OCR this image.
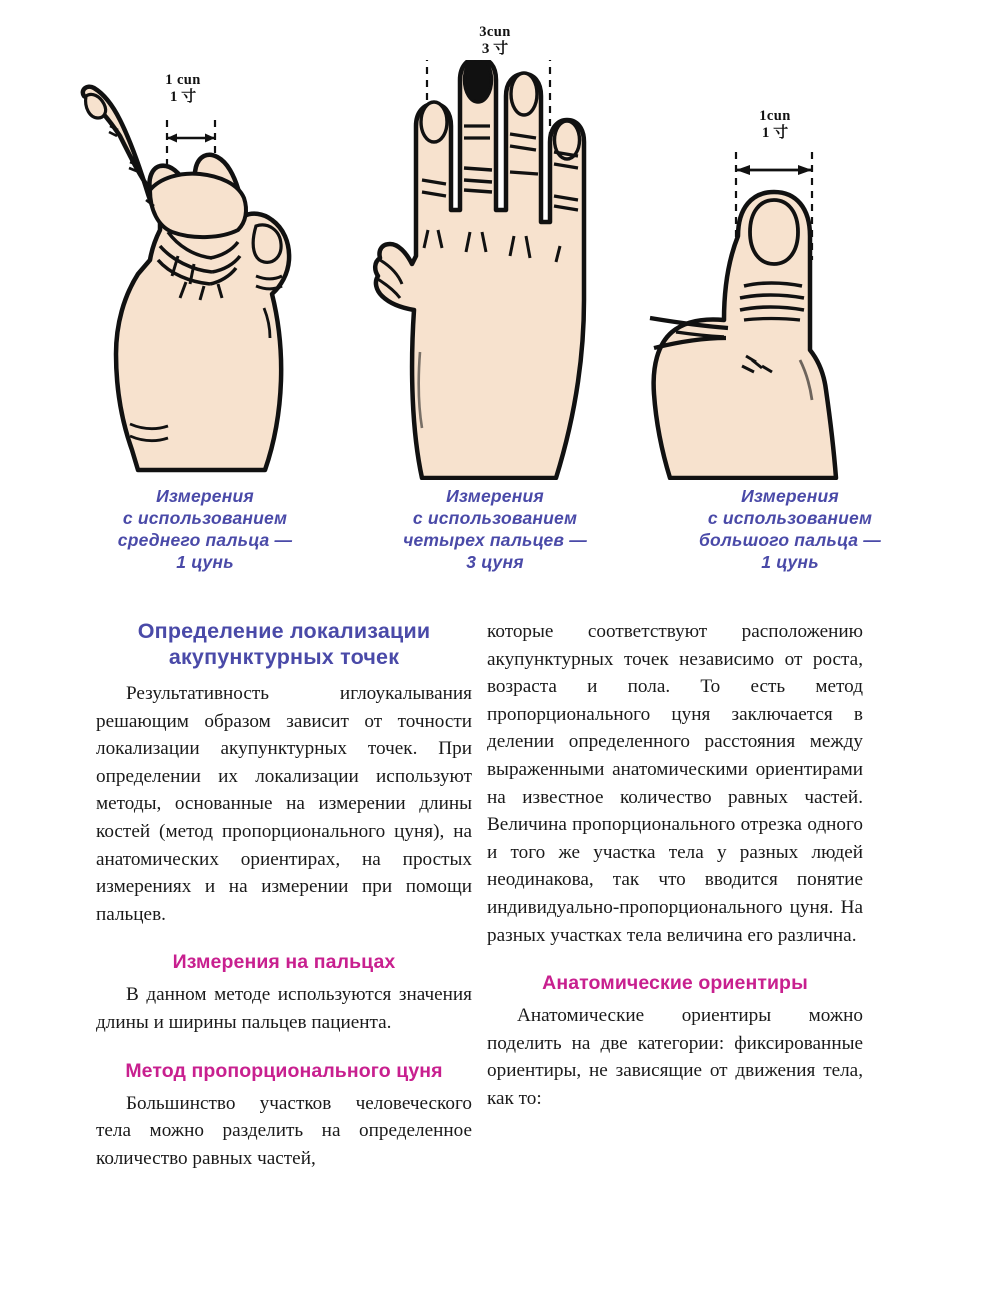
1 cun
1 寸
Измерения
с использованием
среднего пальца —
1 цунь
3cun
3 寸
Измерения
с использованием
четырех пальцев —
3 цуня
1cun
1 寸
Измерения
с использованием
большого пальца —
1 цунь
Определение локализации акупунктурных точек

Результативность иглоукалывания решающим образом зависит от точности локализации акупунктурных точек. При определении их локализации используют методы, основанные на измерении длины костей (метод пропорционального цуня), на анатомических ориентирах, на простых измерениях и на измерении при помощи пальцев.

Измерения на пальцах

В данном методе используются значения длины и ширины пальцев пациента.

Метод пропорционального цуня

Большинство участков человеческого тела можно разделить на определенное количество равных частей,

которые соответствуют расположению акупунктурных точек независимо от роста, возраста и пола. То есть метод пропорционального цуня заключается в делении определенного расстояния между выраженными анатомическими ориентирами на известное количество равных частей. Величина пропорционального отрезка одного и того же участка тела у разных людей неодинакова, так что вводится понятие индивидуально-пропорционального цуня. На разных участках тела величина его различна.

Анатомические ориентиры

Анатомические ориентиры можно поделить на две категории: фиксированные ориентиры, не зависящие от движения тела, как то:
